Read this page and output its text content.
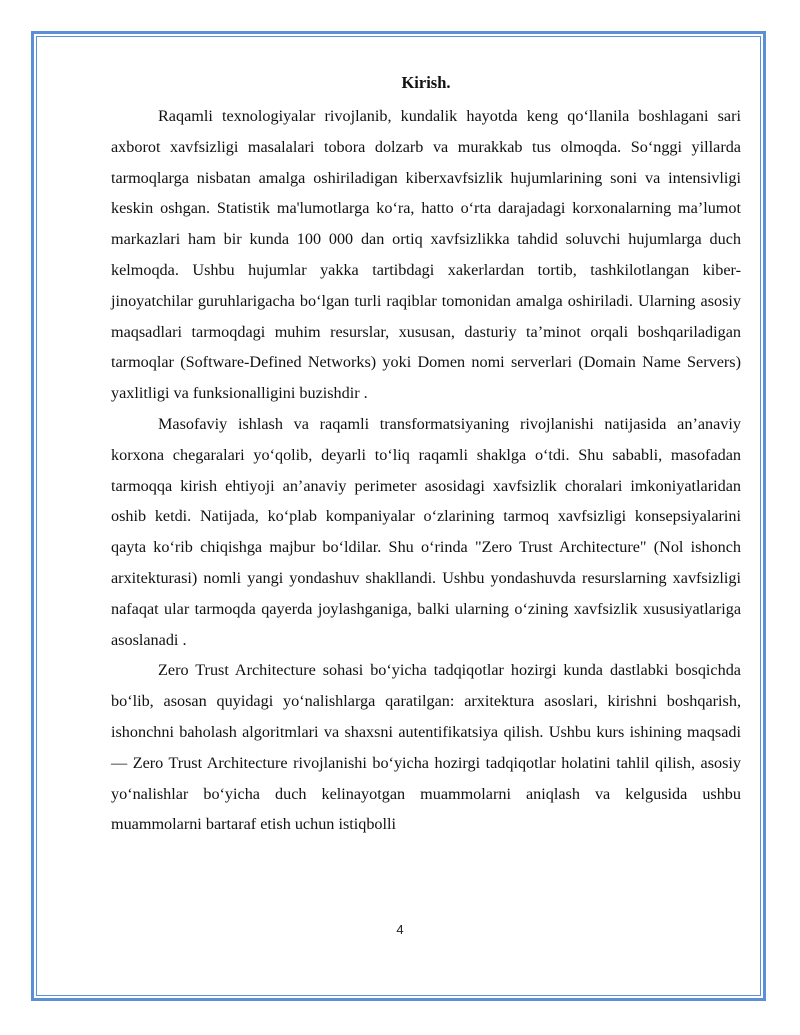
Kirish.

Raqamli texnologiyalar rivojlanib, kundalik hayotda keng qo‘llanila boshlagani sari axborot xavfsizligi masalalari tobora dolzarb va murakkab tus olmoqda. So‘nggi yillarda tarmoqlarga nisbatan amalga oshiriladigan kiberxavfsizlik hujumlarining soni va intensivligi keskin oshgan. Statistik ma'lumotlarga ko‘ra, hatto o‘rta darajadagi korxonalarning ma’lumot markazlari ham bir kunda 100 000 dan ortiq xavfsizlikka tahdid soluvchi hujumlarga duch kelmoqda. Ushbu hujumlar yakka tartibdagi xakerlardan tortib, tashkilotlangan kiber-jinoyatchilar guruhlarigacha bo‘lgan turli raqiblar tomonidan amalga oshiriladi. Ularning asosiy maqsadlari tarmoqdagi muhim resurslar, xususan, dasturiy ta’minot orqali boshqariladigan tarmoqlar (Software-Defined Networks) yoki Domen nomi serverlari (Domain Name Servers) yaxlitligi va funksionalligini buzishdir .

Masofaviy ishlash va raqamli transformatsiyaning rivojlanishi natijasida an’anaviy korxona chegaralari yo‘qolib, deyarli to‘liq raqamli shaklga o‘tdi. Shu sababli, masofadan tarmoqqa kirish ehtiyoji an’anaviy perimeter asosidagi xavfsizlik choralari imkoniyatlaridan oshib ketdi. Natijada, ko‘plab kompaniyalar o‘zlarining tarmoq xavfsizligi konsepsiyalarini qayta ko‘rib chiqishga majbur bo‘ldilar. Shu o‘rinda "Zero Trust Architecture" (Nol ishonch arxitekturasi) nomli yangi yondashuv shakllandi. Ushbu yondashuvda resurslarning xavfsizligi nafaqat ular tarmoqda qayerda joylashganiga, balki ularning o‘zining xavfsizlik xususiyatlariga asoslanadi .

Zero Trust Architecture sohasi bo‘yicha tadqiqotlar hozirgi kunda dastlabki bosqichda bo‘lib, asosan quyidagi yo‘nalishlarga qaratilgan: arxitektura asoslari, kirishni boshqarish, ishonchni baholash algoritmlari va shaxsni autentifikatsiya qilish. Ushbu kurs ishining maqsadi — Zero Trust Architecture rivojlanishi bo‘yicha hozirgi tadqiqotlar holatini tahlil qilish, asosiy yo‘nalishlar bo‘yicha duch kelinayotgan muammolarni aniqlash va kelgusida ushbu muammolarni bartaraf etish uchun istiqbolli

4
